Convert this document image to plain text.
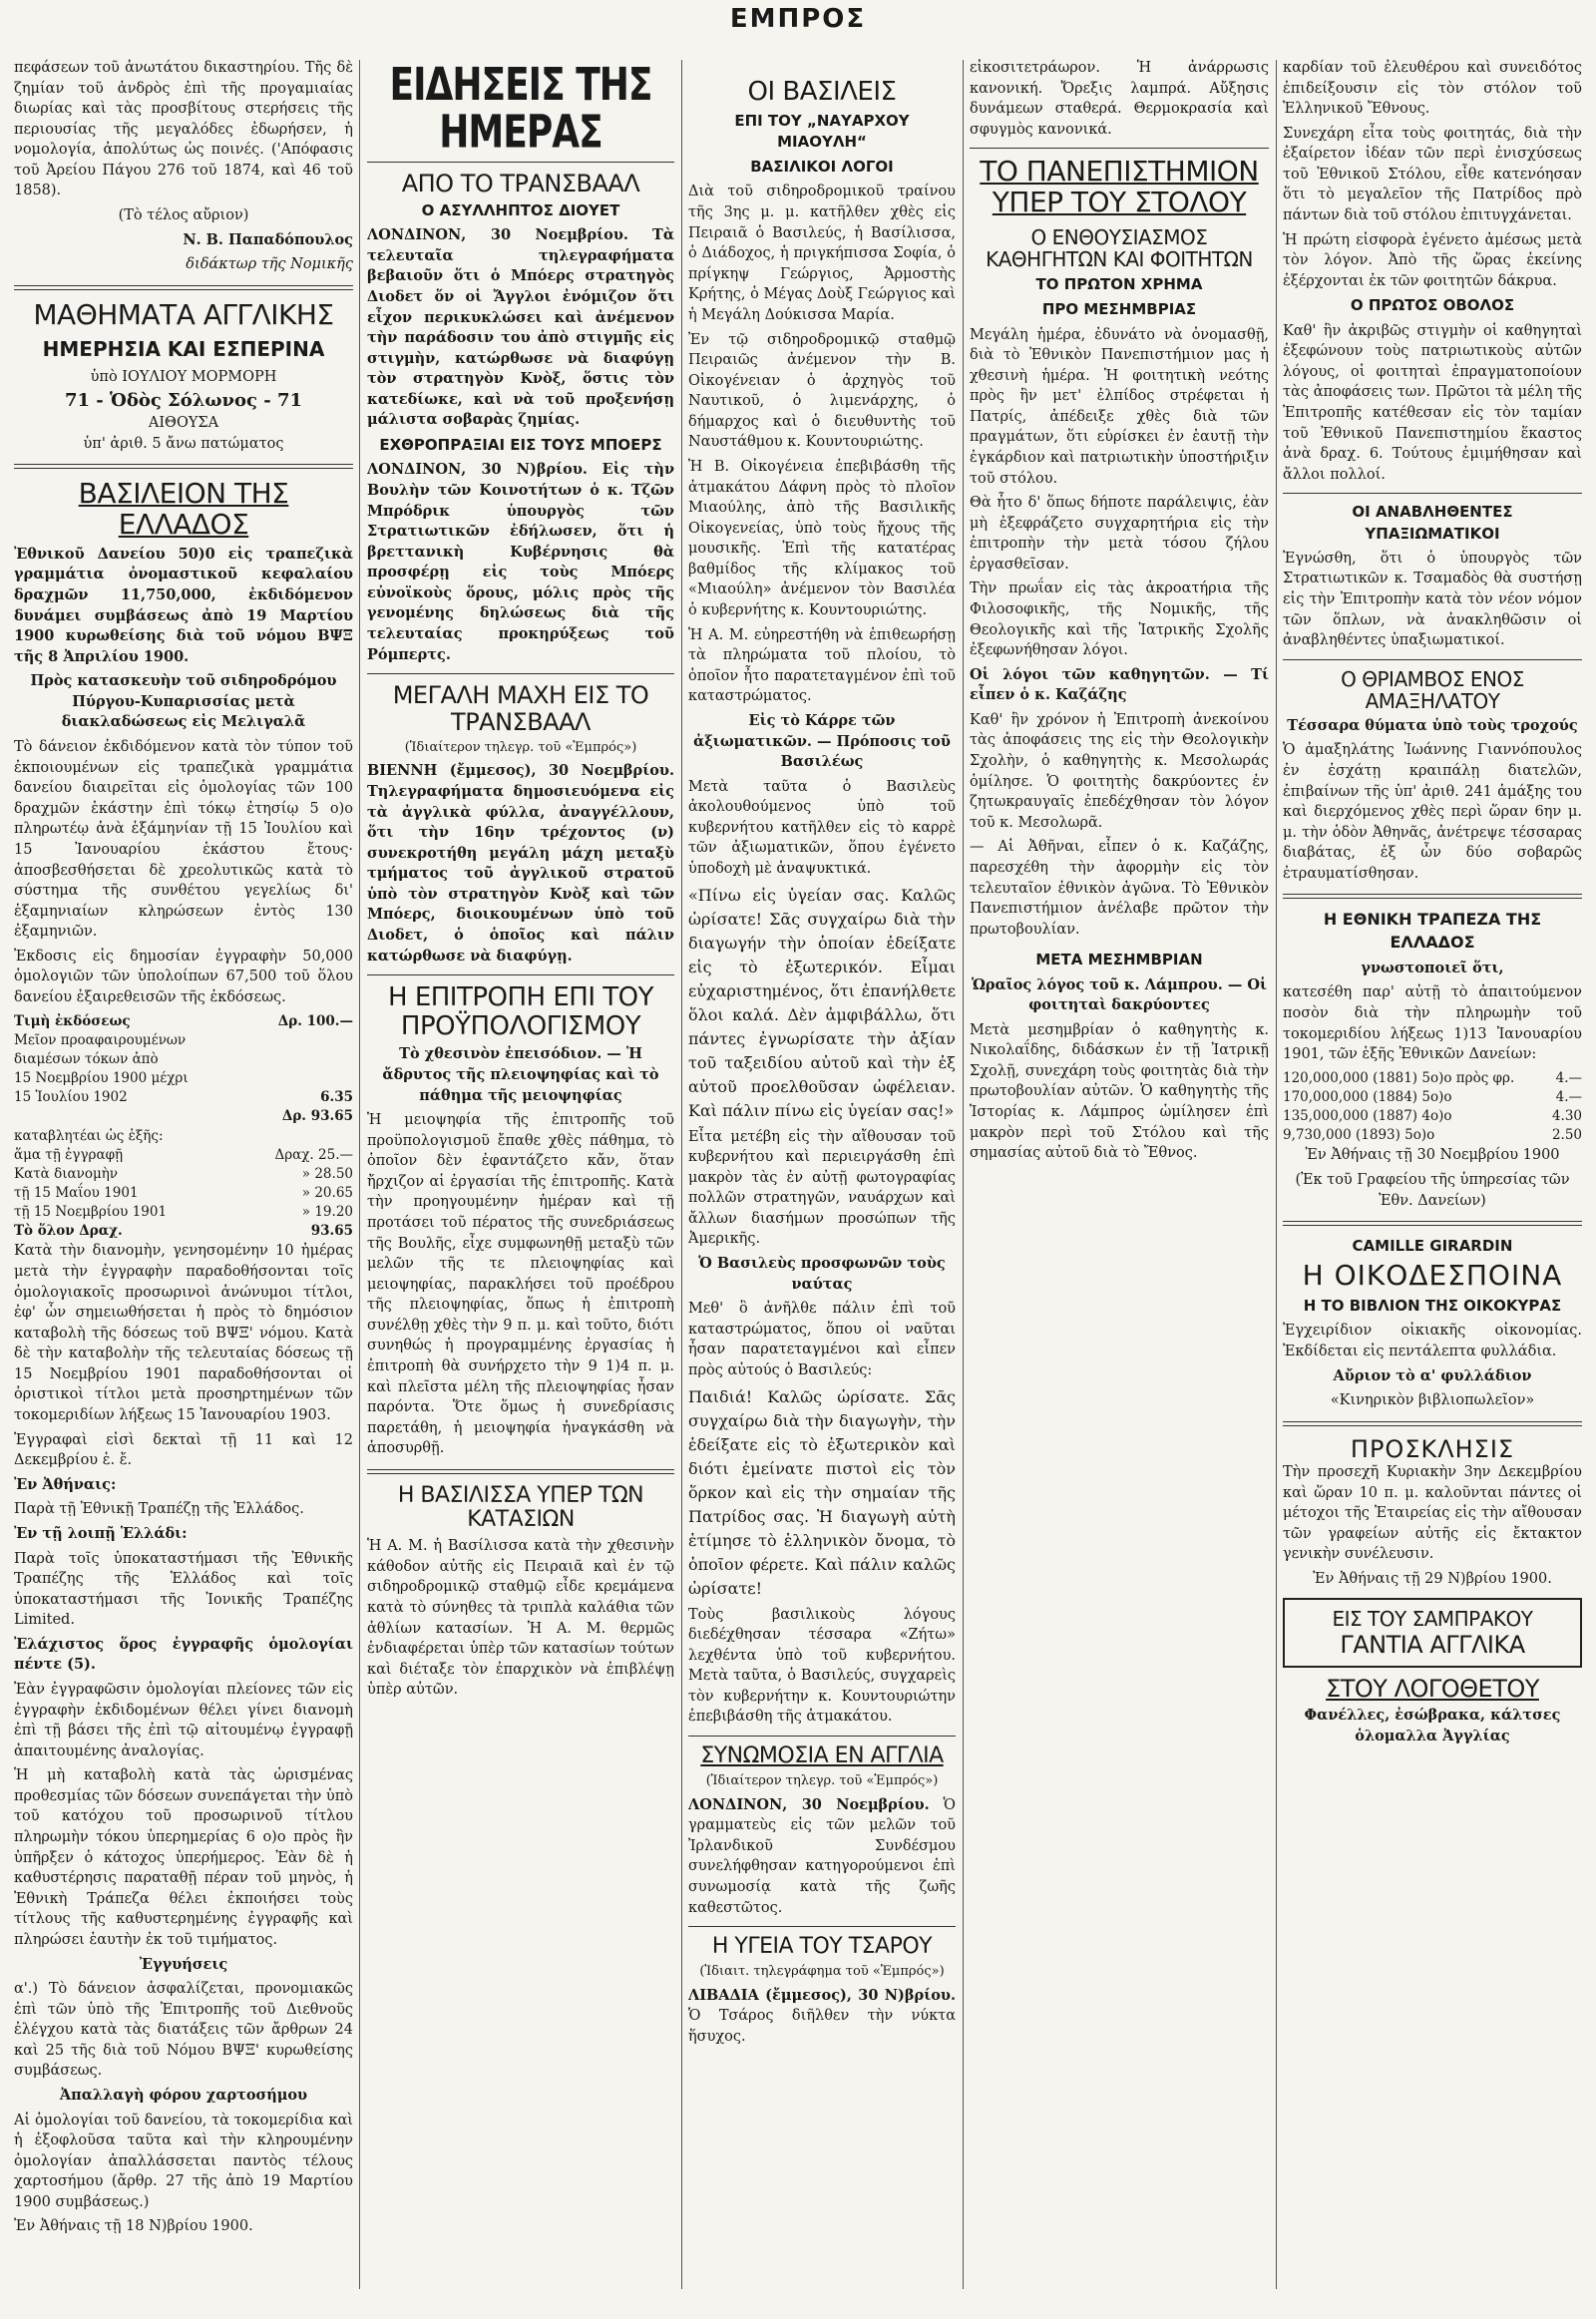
ΕΜΠΡΟΣ

πεφάσεων τοῦ ἀνωτάτου δικαστηρίου. Τῆς δὲ ζημίαν τοῦ ἀνδρὸς ἐπὶ τῆς προγαμιαίας διωρίας καὶ τὰς προσβίτους στερήσεις τῆς περιουσίας τῆς μεγαλόδες ἐδωρήσεν, ἡ νομολογία, ἀπολύτως ὡς ποινές. ('Απόφασις τοῦ Ἀρείου Πάγου 276 τοῦ 1874, καὶ 46 τοῦ 1858).

(Τὸ τέλος αὔριον)

Ν. Β. Παπαδόπουλος

διδάκτωρ τῆς Νομικῆς

ΜΑΘΗΜΑΤΑ ΑΓΓΛΙΚΗΣ
ΗΜΕΡΗΣΙΑ ΚΑΙ ΕΣΠΕΡΙΝΑ
ὑπὸ ΙΟΥΛΙΟΥ ΜΟΡΜΟΡΗ
71 - Ὁδὸς Σόλωνος - 71
ΑΙΘΟΥΣΑ
ὑπ' ἀριθ. 5 ἄνω πατώματος
ΒΑΣΙΛΕΙΟΝ ΤΗΣ ΕΛΛΑΔΟΣ

Ἐθνικοῦ Δανείου 50)0 εἰς τραπεζικὰ γραμμάτια ὀνομαστικοῦ κεφαλαίου δραχμῶν 11,750,000, ἐκδιδόμενον δυνάμει συμβάσεως ἀπὸ 19 Μαρτίου 1900 κυρωθείσης διὰ τοῦ νόμου ΒΨΞ τῆς 8 Ἀπριλίου 1900.

Πρὸς κατασκευὴν τοῦ σιδηροδρόμου Πύργου-Κυπαρισσίας μετὰ διακλαδώσεως εἰς Μελιγαλᾶ

Τὸ δάνειον ἐκδιδόμενον κατὰ τὸν τύπον τοῦ ἐκποιουμένων εἰς τραπεζικὰ γραμμάτια δανείου διαιρεῖται εἰς ὁμολογίας τῶν 100 δραχμῶν ἑκάστην ἐπὶ τόκῳ ἐτησίῳ 5 ο)ο πληρωτέῳ ἀνὰ ἑξάμηνίαν τῇ 15 Ἰουλίου καὶ 15 Ἰανουαρίου ἑκάστου ἔτους· ἀποσβεσθήσεται δὲ χρεολυτικῶς κατὰ τὸ σύστημα τῆς συνθέτου γεγελίως δι' ἑξαμηνιαίων κληρώσεων ἐντὸς 130 ἐξαμηνιῶν.

Ἐκδοσις εἰς δημοσίαν ἐγγραφὴν 50,000 ὁμολογιῶν τῶν ὑπολοίπων 67,500 τοῦ ὅλου δανείου ἐξαιρεθεισῶν τῆς ἐκδόσεως.

Τιμὴ ἐκδόσεως	Δρ. 100.—
Μεῖον προαφαιρουμένων
διαμέσων τόκων ἀπὸ
15 Νοεμβρίου 1900 μέχρι
15 Ἰουλίου 1902	6.35
Δρ. 93.65
καταβλητέαι ὡς ἑξῆς:
ἅμα τῇ ἐγγραφῇ	Δραχ. 25.—
Κατὰ διανομὴν	» 28.50
τῇ 15 Μαΐου 1901	» 20.65
τῇ 15 Νοεμβρίου 1901	» 19.20
Τὸ ὅλον Δραχ.	93.65

Κατὰ τὴν διανομὴν, γενησομένην 10 ἡμέρας μετὰ τὴν ἐγγραφὴν παραδοθήσονται τοῖς ὀμολογιακοῖς προσωρινοὶ ἀνώνυμοι τίτλοι, ἐφ' ὧν σημειωθήσεται ἡ πρὸς τὸ δημόσιον καταβολὴ τῆς δόσεως τοῦ ΒΨΞ' νόμου. Κατὰ δὲ τὴν καταβολὴν τῆς τελευταίας δόσεως τῇ 15 Νοεμβρίου 1901 παραδοθήσονται οἱ ὁριστικοὶ τίτλοι μετὰ προσηρτημένων τῶν τοκομεριδίων λήξεως 15 Ἰανουαρίου 1903.

Ἐγγραφαὶ εἰσὶ δεκταὶ τῇ 11 καὶ 12 Δεκεμβρίου ἑ. ἔ.

Ἐν Ἀθήναις:

Παρὰ τῇ Ἐθνικῇ Τραπέζῃ τῆς Ἑλλάδος.

Ἐν τῇ λοιπῇ Ἑλλάδι:

Παρὰ τοῖς ὑποκαταστήμασι τῆς Ἐθνικῆς Τραπέζης τῆς Ἑλλάδος καὶ τοῖς ὑποκαταστήμασι τῆς Ἰονικῆς Τραπέζης Limited.

Ἐλάχιστος ὅρος ἐγγραφῆς ὁμολογίαι πέντε (5).

Ἐὰν ἐγγραφῶσιν ὁμολογίαι πλείονες τῶν εἰς ἐγγραφὴν ἐκδιδομένων θέλει γίνει διανομὴ ἐπὶ τῇ βάσει τῆς ἐπὶ τῷ αἰτουμένῳ ἐγγραφῇ ἀπαιτουμένης ἀναλογίας.

Ἡ μὴ καταβολὴ κατὰ τὰς ὡρισμένας προθεσμίας τῶν δόσεων συνεπάγεται τὴν ὑπὸ τοῦ κατόχου τοῦ προσωρινοῦ τίτλου πληρωμὴν τόκου ὑπερημερίας 6 ο)ο πρὸς ἣν ὑπῆρξεν ὁ κάτοχος ὑπερήμερος. Ἐὰν δὲ ἡ καθυστέρησις παραταθῇ πέραν τοῦ μηνὸς, ἡ Ἐθνικὴ Τράπεζα θέλει ἐκποιήσει τοὺς τίτλους τῆς καθυστερημένης ἐγγραφῆς καὶ πληρώσει ἑαυτὴν ἐκ τοῦ τιμήματος.

Ἐγγυήσεις

α'.) Τὸ δάνειον ἀσφαλίζεται, προνομιακῶς ἐπὶ τῶν ὑπὸ τῆς Ἐπιτροπῆς τοῦ Διεθνοῦς ἐλέγχου κατὰ τὰς διατάξεις τῶν ἄρθρων 24 καὶ 25 τῆς διὰ τοῦ Νόμου ΒΨΞ' κυρωθείσης συμβάσεως.

Ἀπαλλαγὴ φόρου χαρτοσήμου

Αἱ ὁμολογίαι τοῦ δανείου, τὰ τοκομερίδια καὶ ἡ ἐξοφλοῦσα ταῦτα καὶ τὴν κληρουμένην ὁμολογίαν ἀπαλλάσσεται παντὸς τέλους χαρτοσήμου (ἄρθρ. 27 τῆς ἀπὸ 19 Μαρτίου 1900 συμβάσεως.)

Ἐν Ἀθήναις τῇ 18 Ν)βρίου 1900.

ΕΙΔΗΣΕΙΣ ΤΗΣ ΗΜΕΡΑΣ
ΑΠΟ ΤΟ ΤΡΑΝΣΒΑΑΛ
Ο ΑΣΥΛΛΗΠΤΟΣ ΔΙΟΥΕΤ

ΛΟΝΔΙΝΟΝ, 30 Νοεμβρίου. Τὰ τελευταῖα τηλεγραφήματα βεβαιοῦν ὅτι ὁ Μπόερς στρατηγὸς Διοδετ ὅν οἱ Ἄγγλοι ἐνόμιζον ὅτι εἶχον περικυκλώσει καὶ ἀνέμενον τὴν παράδοσιν του ἀπὸ στιγμῆς εἰς στιγμὴν, κατώρθωσε νὰ διαφύγῃ τὸν στρατηγὸν Κνὸξ, ὅστις τὸν κατεδίωκε, καὶ νὰ τοῦ προξενήσῃ μάλιστα σοβαρὰς ζημίας.

ΕΧΘΡΟΠΡΑΞΙΑΙ ΕΙΣ ΤΟΥΣ ΜΠΟΕΡΣ

ΛΟΝΔΙΝΟΝ, 30 Ν)βρίου. Εἰς τὴν Βουλὴν τῶν Κοινοτήτων ὁ κ. Τζῶν Μπρόδρικ ὑπουργὸς τῶν Στρατιωτικῶν ἐδήλωσεν, ὅτι ἡ βρεττανικὴ Κυβέρνησις θὰ προσφέρῃ εἰς τοὺς Μπόερς εὐνοϊκοὺς ὅρους, μόλις πρὸς τῆς γενομένης δηλώσεως διὰ τῆς τελευταίας προκηρύξεως τοῦ Ρόμπερτς.

ΜΕΓΑΛΗ ΜΑΧΗ ΕΙΣ ΤΟ ΤΡΑΝΣΒΑΑΛ

(Ἰδιαίτερον τηλεγρ. τοῦ «Ἐμπρός»)

ΒΙΕΝΝΗ (ἔμμεσος), 30 Νοεμβρίου. Τηλεγραφήματα δημοσιευόμενα εἰς τὰ ἀγγλικὰ φύλλα, ἀναγγέλλουν, ὅτι τὴν 16ην τρέχοντος (ν) συνεκροτήθη μεγάλη μάχη μεταξὺ τμήματος τοῦ ἀγγλικοῦ στρατοῦ ὑπὸ τὸν στρατηγὸν Κνὸξ καὶ τῶν Μπόερς, διοικουμένων ὑπὸ τοῦ Διοδετ, ὁ ὁποῖος καὶ πάλιν κατώρθωσε νὰ διαφύγῃ.

Η ΕΠΙΤΡΟΠΗ ΕΠΙ ΤΟΥ ΠΡΟΫΠΟΛΟΓΙΣΜΟΥ

Τὸ χθεσινὸν ἐπεισόδιον. — Ἡ ἄδρυτος τῆς πλειοψηφίας καὶ τὸ πάθημα τῆς μειοψηφίας

Ἡ μειοψηφία τῆς ἐπιτροπῆς τοῦ προϋπολογισμοῦ ἔπαθε χθὲς πάθημα, τὸ ὁποῖον δὲν ἐφαντάζετο κἄν, ὅταν ἤρχιζον αἱ ἐργασίαι τῆς ἐπιτροπῆς. Κατὰ τὴν προηγουμένην ἡμέραν καὶ τῇ προτάσει τοῦ πέρατος τῆς συνεδριάσεως τῆς Βουλῆς, εἶχε συμφωνηθῇ μεταξὺ τῶν μελῶν τῆς τε πλειοψηφίας καὶ μειοψηφίας, παρακλήσει τοῦ προέδρου τῆς πλειοψηφίας, ὅπως ἡ ἐπιτροπὴ συνέλθῃ χθὲς τὴν 9 π. μ. καὶ τοῦτο, διότι συνηθώς ἡ προγραμμένης ἐργασίας ἡ ἐπιτροπὴ θὰ συνήρχετο τὴν 9 1)4 π. μ. καὶ πλεῖστα μέλη τῆς πλειοψηφίας ἦσαν παρόντα. Ὅτε ὅμως ἡ συνεδρίασις παρετάθη, ἡ μειοψηφία ἠναγκάσθη νὰ ἀποσυρθῇ.

Η ΒΑΣΙΛΙΣΣΑ ΥΠΕΡ ΤΩΝ ΚΑΤΑΣΙΩΝ

Ἡ Α. Μ. ἡ Βασίλισσα κατὰ τὴν χθεσινὴν κάθοδον αὐτῆς εἰς Πειραιᾶ καὶ ἐν τῷ σιδηροδρομικῷ σταθμῷ εἶδε κρεμάμενα κατὰ τὸ σύνηθες τὰ τριπλὰ καλάθια τῶν ἀθλίων κατασίων. Ἡ Α. Μ. θερμῶς ἐνδιαφέρεται ὑπὲρ τῶν κατασίων τούτων καὶ διέταξε τὸν ἐπαρχικὸν νὰ ἐπιβλέψῃ ὑπὲρ αὐτῶν.

ΟΙ ΒΑΣΙΛΕΙΣ
ΕΠΙ ΤΟΥ „ΝΑΥΑΡΧΟΥ ΜΙΑΟΥΛΗ“
ΒΑΣΙΛΙΚΟΙ ΛΟΓΟΙ

Διὰ τοῦ σιδηροδρομικοῦ τραίνου τῆς 3ης μ. μ. κατῆλθεν χθὲς εἰς Πειραιᾶ ὁ Βασιλεύς, ἡ Βασίλισσα, ὁ Διάδοχος, ἡ πριγκήπισσα Σοφία, ὁ πρίγκηψ Γεώργιος, Ἀρμοστὴς Κρήτης, ὁ Μέγας Δοὺξ Γεώργιος καὶ ἡ Μεγάλη Δούκισσα Μαρία.

Ἐν τῷ σιδηροδρομικῷ σταθμῷ Πειραιῶς ἀνέμενον τὴν Β. Οἰκογένειαν ὁ ἀρχηγὸς τοῦ Ναυτικοῦ, ὁ λιμενάρχης, ὁ δήμαρχος καὶ ὁ διευθυντὴς τοῦ Ναυστάθμου κ. Κουντουριώτης.

Ἡ Β. Οἰκογένεια ἐπεβιβάσθη τῆς ἀτμακάτου Δάφνη πρὸς τὸ πλοῖον Μιαούλης, ἀπὸ τῆς Βασιλικῆς Οἰκογενείας, ὑπὸ τοὺς ἤχους τῆς μουσικῆς. Ἐπὶ τῆς κατατέρας βαθμίδος τῆς κλίμακος τοῦ «Μιαούλη» ἀνέμενον τὸν Βασιλέα ὁ κυβερνήτης κ. Κουντουριώτης.

Ἡ Α. Μ. εὐηρεστήθη νὰ ἐπιθεωρήσῃ τὰ πληρώματα τοῦ πλοίου, τὸ ὁποῖον ἦτο παρατεταγμένον ἐπὶ τοῦ καταστρώματος.

Εἰς τὸ Κάρρε τῶν ἀξιωματικῶν. — Πρόποσις τοῦ Βασιλέως

Μετὰ ταῦτα ὁ Βασιλεὺς ἀκολουθούμενος ὑπὸ τοῦ κυβερνήτου κατῆλθεν εἰς τὸ καρρὲ τῶν ἀξιωματικῶν, ὅπου ἐγένετο ὑποδοχὴ μὲ ἀναψυκτικά.

«Πίνω εἰς ὑγείαν σας. Καλῶς ὡρίσατε! Σᾶς συγχαίρω διὰ τὴν διαγωγήν τὴν ὁποίαν ἐδείξατε εἰς τὸ ἐξωτερικόν. Εἶμαι εὐχαριστημένος, ὅτι ἐπανήλθετε ὅλοι καλά. Δὲν ἀμφιβάλλω, ὅτι πάντες ἐγνωρίσατε τὴν ἀξίαν τοῦ ταξειδίου αὐτοῦ καὶ τὴν ἐξ αὐτοῦ προελθοῦσαν ὠφέλειαν. Καὶ πάλιν πίνω εἰς ὑγείαν σας!»

Εἶτα μετέβη εἰς τὴν αἴθουσαν τοῦ κυβερνήτου καὶ περιειργάσθη ἐπὶ μακρὸν τὰς ἐν αὐτῇ φωτογραφίας πολλῶν στρατηγῶν, ναυάρχων καὶ ἄλλων διασήμων προσώπων τῆς Ἀμερικῆς.

Ὁ Βασιλεὺς προσφωνῶν τοὺς ναύτας

Μεθ' ὃ ἀνῆλθε πάλιν ἐπὶ τοῦ καταστρώματος, ὅπου οἱ ναῦται ἦσαν παρατεταγμένοι καὶ εἶπεν πρὸς αὐτούς ὁ Βασιλεύς:

Παιδιά! Καλῶς ὡρίσατε. Σᾶς συγχαίρω διὰ τὴν διαγωγὴν, τὴν ἐδείξατε εἰς τὸ ἐξωτερικὸν καὶ διότι ἐμείνατε πιστοὶ εἰς τὸν ὅρκον καὶ εἰς τὴν σημαίαν τῆς Πατρίδος σας. Ἡ διαγωγὴ αὐτὴ ἐτίμησε τὸ ἑλληνικὸν ὄνομα, τὸ ὁποῖον φέρετε. Καὶ πάλιν καλῶς ὡρίσατε!

Τοὺς βασιλικοὺς λόγους διεδέχθησαν τέσσαρα «Ζήτω» λεχθέντα ὑπὸ τοῦ κυβερνήτου. Μετὰ ταῦτα, ὁ Βασιλεύς, συγχαρεὶς τὸν κυβερνήτην κ. Κουντουριώτην ἐπεβιβάσθη τῆς ἀτμακάτου.

ΣΥΝΩΜΟΣΙΑ ΕΝ ΑΓΓΛΙΑ

(Ἰδιαίτερον τηλεγρ. τοῦ «Ἐμπρός»)

ΛΟΝΔΙΝΟΝ, 30 Νοεμβρίου. Ὁ γραμματεὺς εἰς τῶν μελῶν τοῦ Ἰρλανδικοῦ Συνδέσμου συνελήφθησαν κατηγορούμενοι ἐπὶ συνωμοσίᾳ κατὰ τῆς ζωῆς καθεστῶτος.

Η ΥΓΕΙΑ ΤΟΥ ΤΣΑΡΟΥ

(Ἰδιαιτ. τηλεγράφημα τοῦ «Ἐμπρός»)

ΛΙΒΑΔΙΑ (ἔμμεσος), 30 Ν)βρίου. Ὁ Τσάρος διῆλθεν τὴν νύκτα ἥσυχος.

εἰκοσιτετράωρον. Ἡ ἀνάρρωσις κανονική. Ὄρεξις λαμπρά. Αὔξησις δυνάμεων σταθερά. Θερμοκρασία καὶ σφυγμὸς κανονικά.

ΤΟ ΠΑΝΕΠΙΣΤΗΜΙΟΝ ΥΠΕΡ ΤΟΥ ΣΤΟΛΟΥ
Ο ΕΝΘΟΥΣΙΑΣΜΟΣ ΚΑΘΗΓΗΤΩΝ ΚΑΙ ΦΟΙΤΗΤΩΝ
ΤΟ ΠΡΩΤΟΝ ΧΡΗΜΑ
ΠΡΟ ΜΕΣΗΜΒΡΙΑΣ

Μεγάλη ἡμέρα, ἐδυνάτο νὰ ὀνομασθῇ, διὰ τὸ Ἐθνικὸν Πανεπιστήμιον μας ἡ χθεσινὴ ἡμέρα. Ἡ φοιτητικὴ νεότης πρὸς ἣν μετ' ἐλπίδος στρέφεται ἡ Πατρίς, ἀπέδειξε χθὲς διὰ τῶν πραγμάτων, ὅτι εὑρίσκει ἐν ἑαυτῇ τὴν ἐγκάρδιον καὶ πατριωτικὴν ὑποστήριξιν τοῦ στόλου.

Θὰ ἦτο δ' ὅπως δήποτε παράλειψις, ἐὰν μὴ ἐξεφράζετο συγχαρητήρια εἰς τὴν ἐπιτροπὴν τὴν μετὰ τόσου ζήλου ἐργασθεῖσαν.

Τὴν πρωΐαν εἰς τὰς ἀκροατήρια τῆς Φιλοσοφικῆς, τῆς Νομικῆς, τῆς Θεολογικῆς καὶ τῆς Ἰατρικῆς Σχολῆς ἐξεφωνήθησαν λόγοι.

Οἱ λόγοι τῶν καθηγητῶν. — Τί εἶπεν ὁ κ. Καζάζης

Καθ' ἣν χρόνον ἡ Ἐπιτροπὴ ἀνεκοίνου τὰς ἀποφάσεις της εἰς τὴν Θεολογικὴν Σχολὴν, ὁ καθηγητὴς κ. Μεσολωράς ὁμίλησε. Ὁ φοιτητὴς δακρύοντες ἐν ζητωκραυγαῖς ἐπεδέχθησαν τὸν λόγον τοῦ κ. Μεσολωρᾶ.

— Αἱ Ἀθῆναι, εἶπεν ὁ κ. Καζάζης, παρεσχέθη τὴν ἀφορμὴν εἰς τὸν τελευταῖον ἐθνικὸν ἀγῶνα. Τὸ Ἐθνικὸν Πανεπιστήμιον ἀνέλαβε πρῶτον τὴν πρωτοβουλίαν.

ΜΕΤΑ ΜΕΣΗΜΒΡΙΑΝ

Ὡραῖος λόγος τοῦ κ. Λάμπρου. — Οἱ φοιτηταὶ δακρύοντες

Μετὰ μεσημβρίαν ὁ καθηγητὴς κ. Νικολαΐδης, διδάσκων ἐν τῇ Ἰατρικῇ Σχολῇ, συνεχάρη τοὺς φοιτητὰς διὰ τὴν πρωτοβουλίαν αὐτῶν. Ὁ καθηγητὴς τῆς Ἱστορίας κ. Λάμπρος ὡμίλησεν ἐπὶ μακρὸν περὶ τοῦ Στόλου καὶ τῆς σημασίας αὐτοῦ διὰ τὸ Ἔθνος.

καρδίαν τοῦ ἐλευθέρου καὶ συνειδότος ἐπιδείξουσιν εἰς τὸν στόλον τοῦ Ἑλληνικοῦ Ἔθνους.

Συνεχάρη εἶτα τοὺς φοιτητάς, διὰ τὴν ἐξαίρετον ἰδέαν τῶν περὶ ἐνισχύσεως τοῦ Ἑθνικοῦ Στόλου, εἶθε κατενόησαν ὅτι τὸ μεγαλεῖον τῆς Πατρίδος πρὸ πάντων διὰ τοῦ στόλου ἐπιτυγχάνεται.

Ἡ πρώτη εἰσφορὰ ἐγένετο ἀμέσως μετὰ τὸν λόγον. Ἀπὸ τῆς ὥρας ἐκείνης ἐξέρχονται ἐκ τῶν φοιτητῶν δάκρυα.

Ο ΠΡΩΤΟΣ ΟΒΟΛΟΣ

Καθ' ἣν ἀκριβῶς στιγμὴν οἱ καθηγηταὶ ἐξεφώνουν τοὺς πατριωτικοὺς αὐτῶν λόγους, οἱ φοιτηταὶ ἐπραγματοποίουν τὰς ἀποφάσεις των. Πρῶτοι τὰ μέλη τῆς Ἐπιτροπῆς κατέθεσαν εἰς τὸν ταμίαν τοῦ Ἐθνικοῦ Πανεπιστημίου ἕκαστος ἀνὰ δραχ. 6. Τούτους ἐμιμήθησαν καὶ ἄλλοι πολλοί.

ΟΙ ΑΝΑΒΛΗΘΕΝΤΕΣ ΥΠΑΞΙΩΜΑΤΙΚΟΙ

Ἐγνώσθη, ὅτι ὁ ὑπουργὸς τῶν Στρατιωτικῶν κ. Τσαμαδὸς θὰ συστήσῃ εἰς τὴν Ἐπιτροπὴν κατὰ τὸν νέον νόμον τῶν ὅπλων, νὰ ἀνακληθῶσιν οἱ ἀναβληθέντες ὑπαξιωματικοί.

Ο ΘΡΙΑΜΒΟΣ ΕΝΟΣ ΑΜΑΞΗΛΑΤΟΥ

Τέσσαρα θύματα ὑπὸ τοὺς τροχούς

Ὁ ἀμαξηλάτης Ἰωάννης Γιαννόπουλος ἐν ἐσχάτῃ κραιπάλῃ διατελῶν, ἐπιβαίνων τῆς ὑπ' ἀριθ. 241 ἁμάξης του καὶ διερχόμενος χθὲς περὶ ὥραν 6ην μ. μ. τὴν ὁδὸν Ἀθηνᾶς, ἀνέτρεψε τέσσαρας διαβάτας, ἐξ ὧν δύο σοβαρῶς ἐτραυματίσθησαν.

Η ΕΘΝΙΚΗ ΤΡΑΠΕΖΑ ΤΗΣ ΕΛΛΑΔΟΣ

γνωστοποιεῖ ὅτι,

κατεσέθη παρ' αὐτῇ τὸ ἀπαιτούμενον ποσὸν διὰ τὴν πληρωμὴν τοῦ τοκομεριδίου λήξεως 1)13 Ἰανουαρίου 1901, τῶν ἑξῆς Ἐθνικῶν Δανείων:

120,000,000 (1881) 5ο)ο πρὸς φρ.	4.—
170,000,000 (1884) 5ο)ο	4.—
135,000,000 (1887) 4ο)ο	4.30
9,730,000 (1893) 5ο)ο	2.50

Ἐν Ἀθήναις τῇ 30 Νοεμβρίου 1900

(Ἐκ τοῦ Γραφείου τῆς ὑπηρεσίας τῶν Ἐθν. Δανείων)

CAMILLE GIRARDIN
Η ΟΙΚΟΔΕΣΠΟΙΝΑ
Η ΤΟ ΒΙΒΛΙΟΝ ΤΗΣ ΟΙΚΟΚΥΡΑΣ

Ἐγχειρίδιον οἰκιακῆς οἰκονομίας. Ἐκδίδεται εἰς πεντάλεπτα φυλλάδια.

Αὔριον τὸ α' φυλλάδιον

«Κινηρικὸν βιβλιοπωλεῖον»

ΠΡΟΣΚΛΗΣΙΣ

Τὴν προσεχῆ Κυριακὴν 3ην Δεκεμβρίου καὶ ὥραν 10 π. μ. καλοῦνται πάντες οἱ μέτοχοι τῆς Ἑταιρείας εἰς τὴν αἴθουσαν τῶν γραφείων αὐτῆς εἰς ἔκτακτον γενικὴν συνέλευσιν.

Ἐν Ἀθήναις τῇ 29 Ν)βρίου 1900.

ΕΙΣ ΤΟΥ ΣΑΜΠΡΑΚΟΥ
ΓΑΝΤΙΑ ΑΓΓΛΙΚΑ
ΣΤΟΥ ΛΟΓΟΘΕΤΟΥ

Φανέλλες, ἐσώβρακα, κάλτσες ὁλομαλλα Ἀγγλίας
